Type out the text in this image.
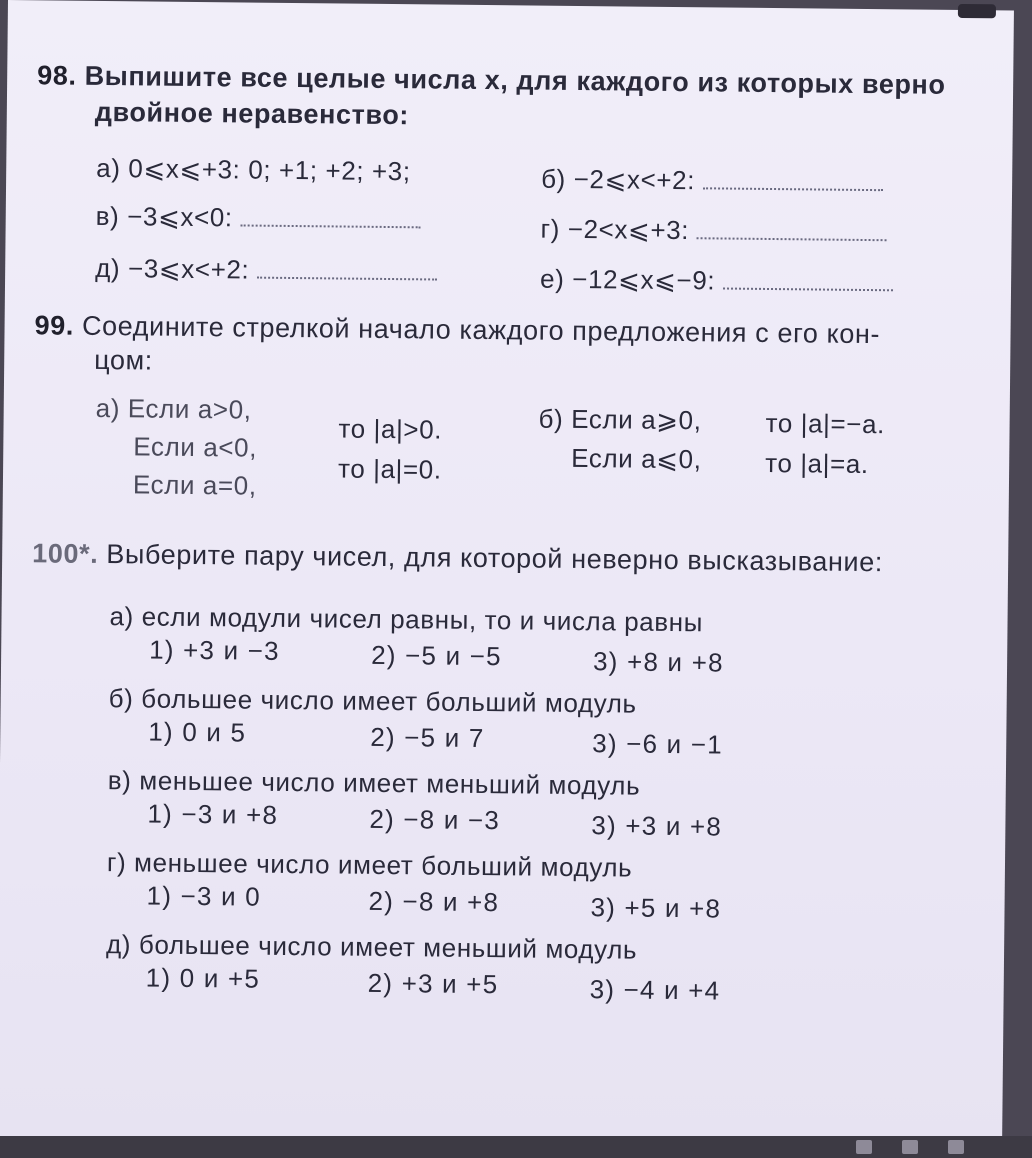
98. Выпишите все целые числа x, для каждого из которых верно
двойное неравенство:
а) 0⩽x⩽+3: 0; +1; +2; +3;	б) −2⩽x<+2:
в) −3⩽x<0:	г) −2<x⩽+3:
д) −3⩽x<+2:	е) −12⩽x⩽−9:
99. Соедините стрелкой начало каждого предложения с его кон-
цом:
а) Если a>0,
Если a<0,
Если a=0,
то |a|>0.
то |a|=0.
б) Если a⩾0,
Если a⩽0,
то |a|=−a.
то |a|=a.
100*. Выберите пару чисел, для которой неверно высказывание:
а) если модули чисел равны, то и числа равны
1) +3 и −3	2) −5 и −5	3) +8 и +8
б) большее число имеет больший модуль
1) 0 и 5	2) −5 и 7	3) −6 и −1
в) меньшее число имеет меньший модуль
1) −3 и +8	2) −8 и −3	3) +3 и +8
г) меньшее число имеет больший модуль
1) −3 и 0	2) −8 и +8	3) +5 и +8
д) большее число имеет меньший модуль
1) 0 и +5	2) +3 и +5	3) −4 и +4
